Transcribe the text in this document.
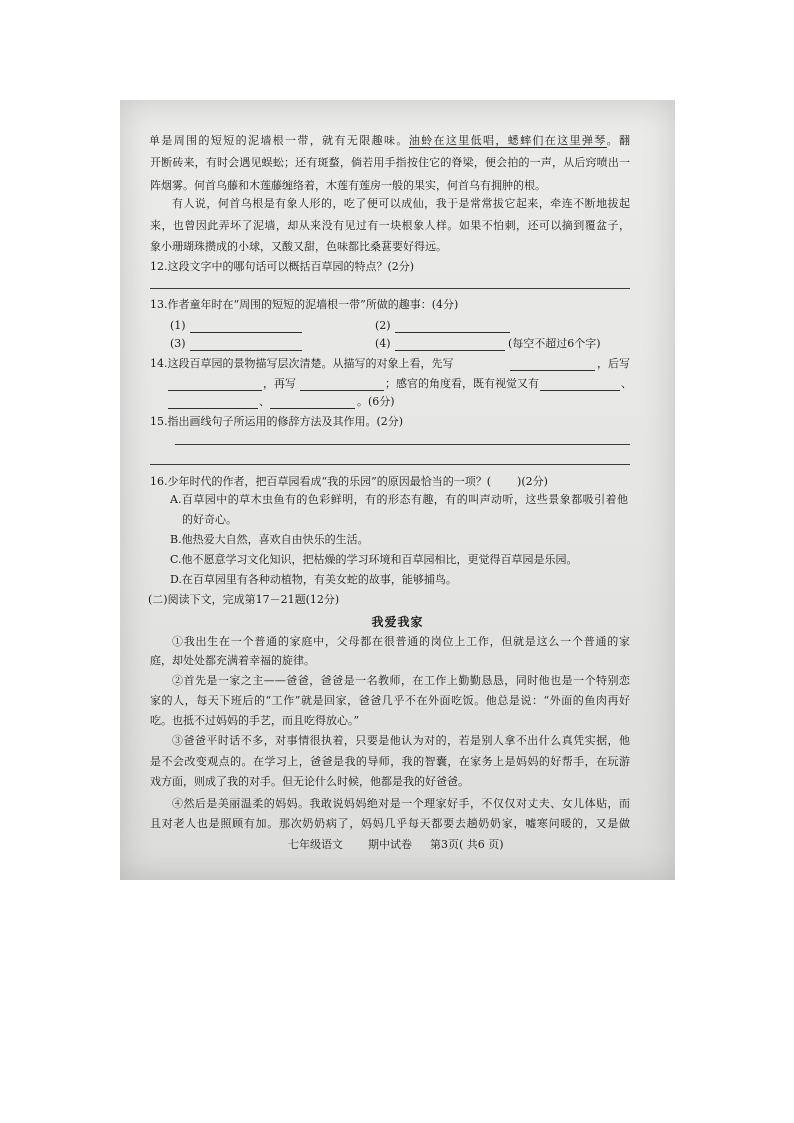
单是周围的短短的泥墙根一带，就有无限趣味。油蛉在这里低唱，蟋蟀们在这里弹琴。翻
开断砖来，有时会遇见蜈蚣；还有斑蝥，倘若用手指按住它的脊梁，便会拍的一声，从后窍喷出一
阵烟雾。何首乌藤和木莲藤缠络着，木莲有莲房一般的果实，何首乌有拥肿的根。
有人说，何首乌根是有象人形的，吃了便可以成仙，我于是常常拔它起来，牵连不断地拔起
来，也曾因此弄坏了泥墙，却从来没有见过有一块根象人样。如果不怕刺，还可以摘到覆盆子，
象小珊瑚珠攒成的小球，又酸又甜，色味都比桑葚要好得远。
12.这段文字中的哪句话可以概括百草园的特点？(2分)
13.作者童年时在“周围的短短的泥墙根一带”所做的趣事：(4分)
(1)	(2)
(3)	(4)	(每空不超过6个字)
14.这段百草园的景物描写层次清楚。从描写的对象上看，先写	，后写
，再写	；感官的角度看，既有视觉又有	、
、	。(6分)
15.指出画线句子所运用的修辞方法及其作用。(2分)
16.少年时代的作者，把百草园看成“我的乐园”的原因最恰当的一项？( )(2分)
A.百草园中的草木虫鱼有的色彩鲜明，有的形态有趣，有的叫声动听，这些景象都吸引着他
的好奇心。
B.他热爱大自然，喜欢自由快乐的生活。
C.他不愿意学习文化知识，把枯燥的学习环境和百草园相比，更觉得百草园是乐园。
D.在百草园里有各种动植物，有美女蛇的故事，能够捕鸟。
(二)阅读下文，完成第17－21题(12分)
我爱我家
①我出生在一个普通的家庭中，父母都在很普通的岗位上工作，但就是这么一个普通的家
庭，却处处都充满着幸福的旋律。
②首先是一家之主——爸爸，爸爸是一名教师，在工作上勤勤恳恳，同时他也是一个特别恋
家的人，每天下班后的“工作”就是回家，爸爸几乎不在外面吃饭。他总是说：“外面的鱼肉再好
吃。也抵不过妈妈的手艺，而且吃得放心。”
③爸爸平时话不多，对事情很执着，只要是他认为对的，若是别人拿不出什么真凭实据，他
是不会改变观点的。在学习上，爸爸是我的导师，我的智囊，在家务上是妈妈的好帮手，在玩游
戏方面，则成了我的对手。但无论什么时候，他都是我的好爸爸。
④然后是美丽温柔的妈妈。我敢说妈妈绝对是一个理家好手，不仅仅对丈夫、女儿体贴，而
且对老人也是照顾有加。那次奶奶病了，妈妈几乎每天都要去趟奶奶家，嘘寒问暖的，又是做
七年级语文 期中试卷 第3页( 共6 页)
